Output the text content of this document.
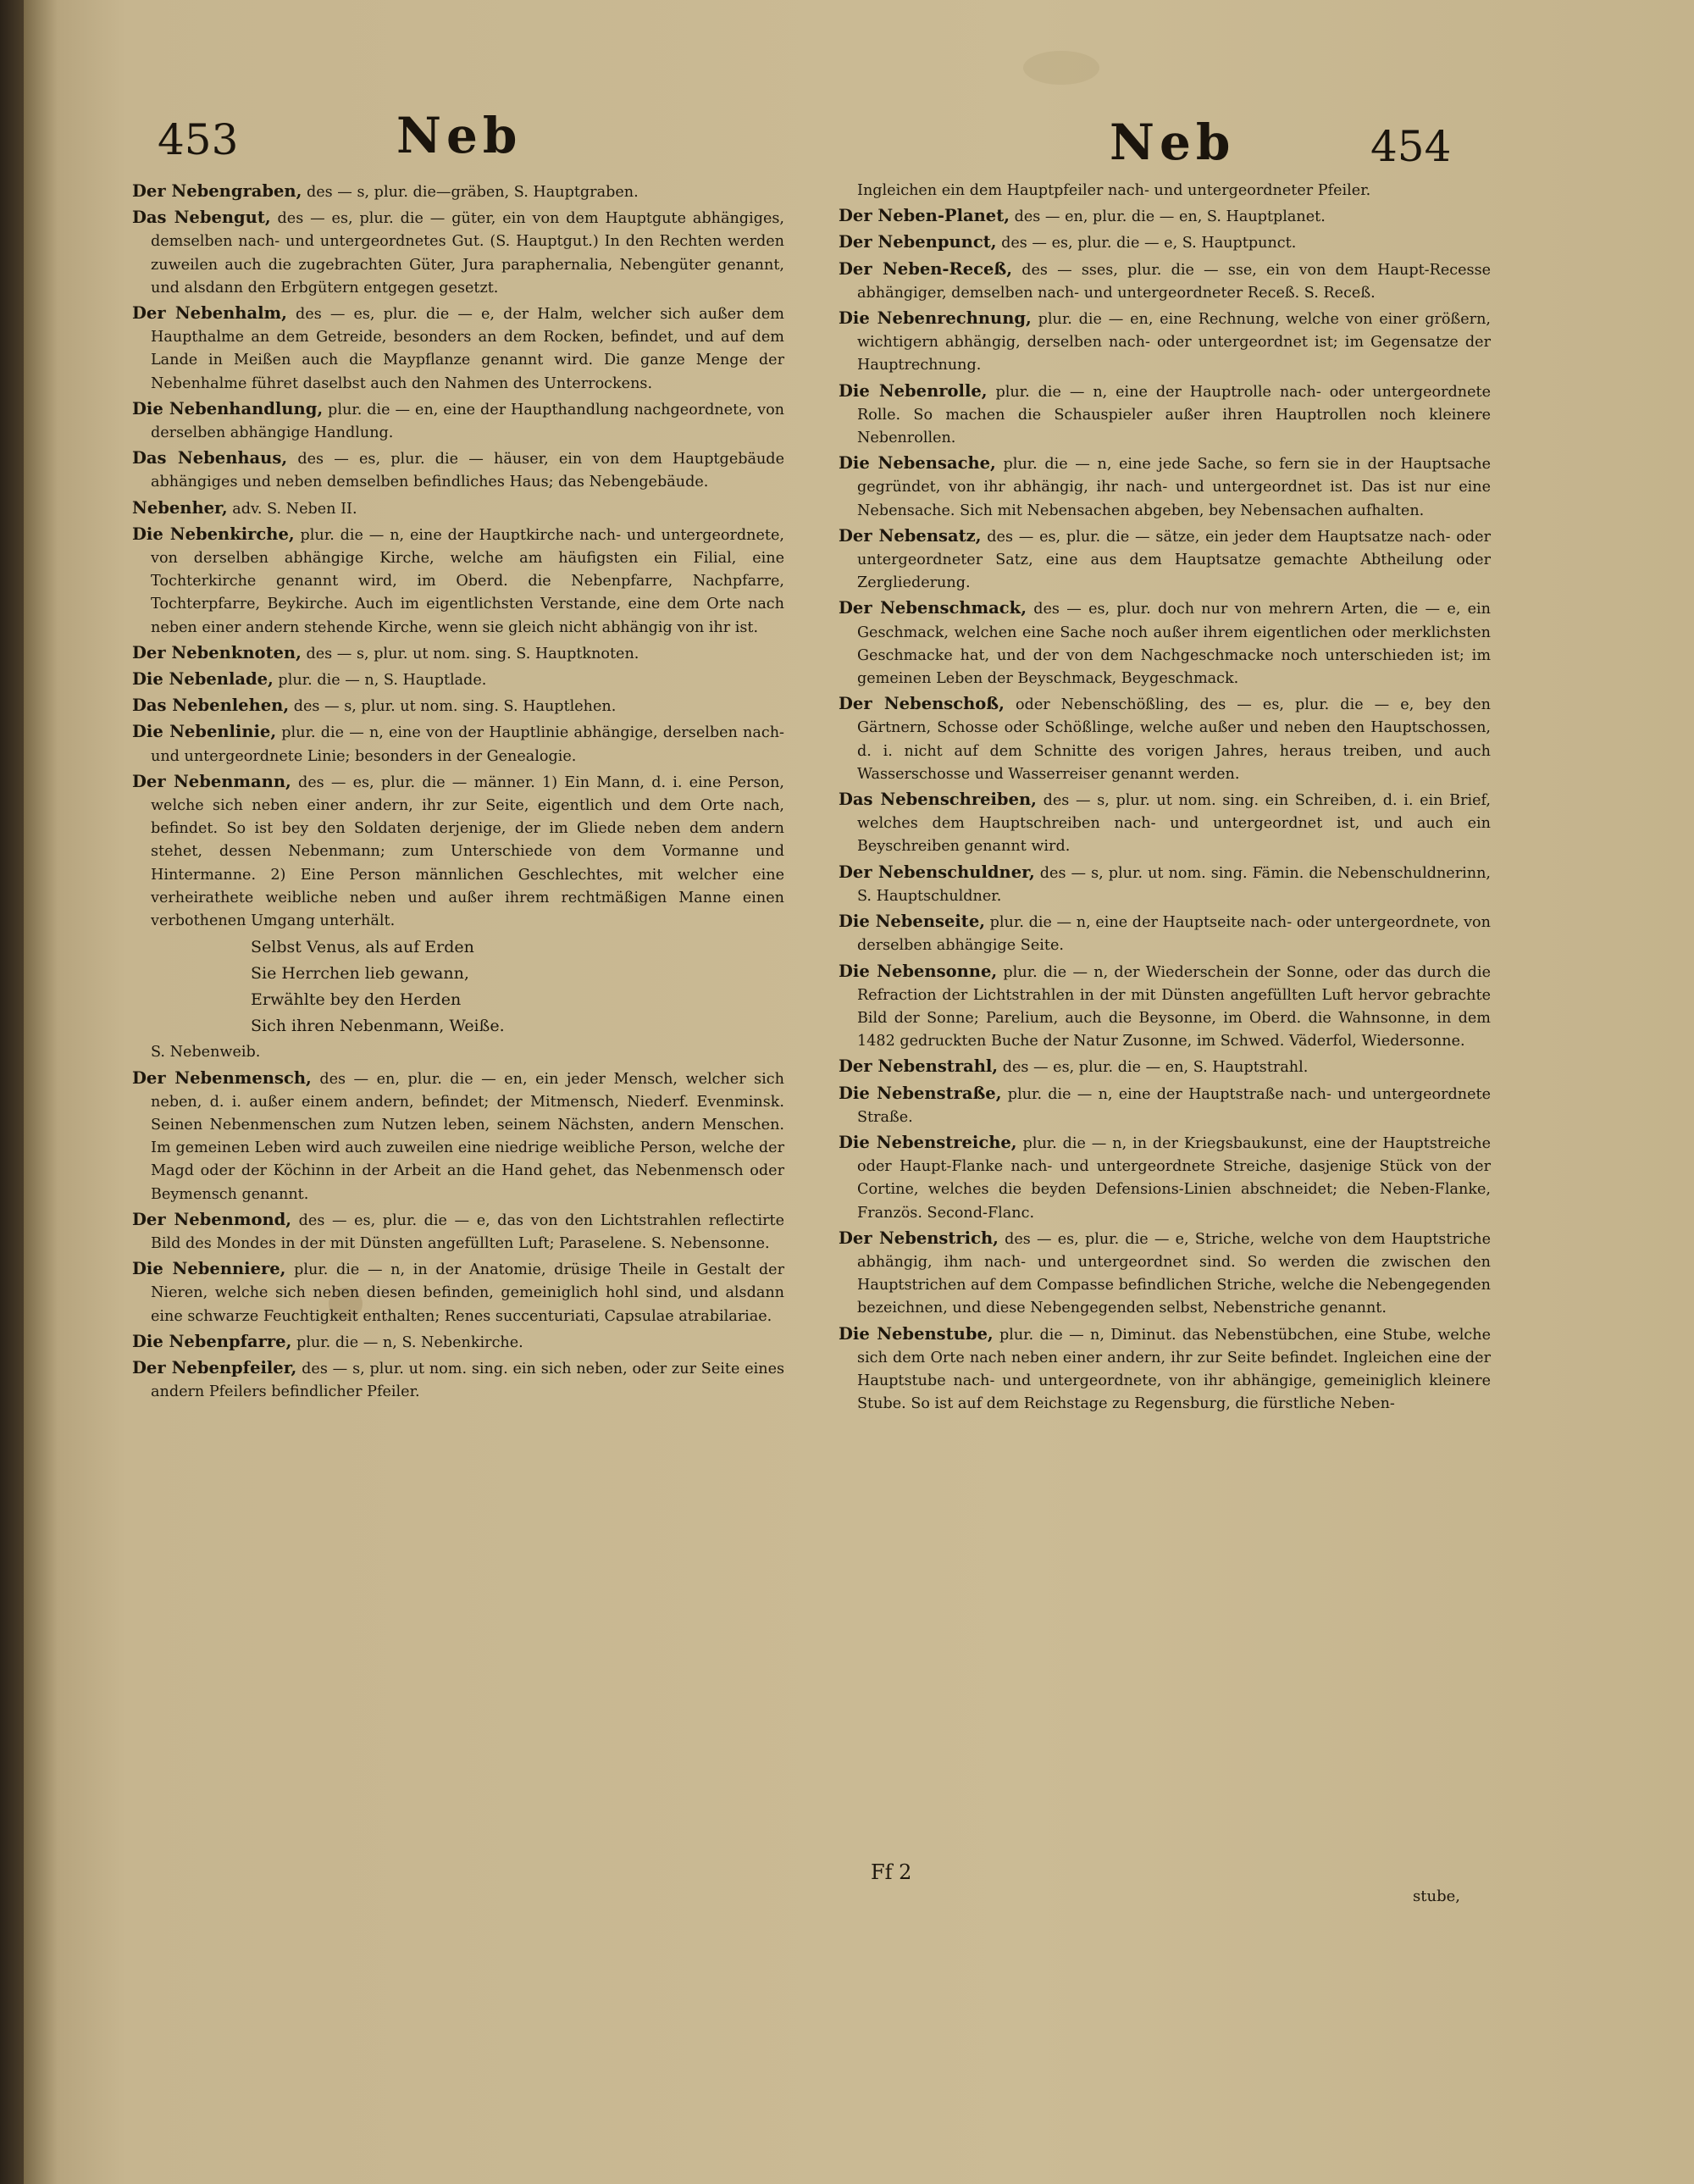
453	Neb	Neb	454
Der Nebengraben, des — s, plur. die—gräben, S. Hauptgraben.
Das Nebengut, des — es, plur. die — güter, ein von dem Hauptgute abhängiges, demselben nach- und untergeordnetes Gut. (S. Hauptgut.) In den Rechten werden zuweilen auch die zugebrachten Güter, Jura paraphernalia, Nebengüter genannt, und alsdann den Erbgütern entgegen gesetzt.
Der Nebenhalm, des — es, plur. die — e, der Halm, welcher sich außer dem Haupthalme an dem Getreide, besonders an dem Rocken, befindet, und auf dem Lande in Meißen auch die Maypflanze genannt wird. Die ganze Menge der Nebenhalme führet daselbst auch den Nahmen des Unterrockens.
Die Nebenhandlung, plur. die — en, eine der Haupthandlung nachgeordnete, von derselben abhängige Handlung.
Das Nebenhaus, des — es, plur. die — häuser, ein von dem Hauptgebäude abhängiges und neben demselben befindliches Haus; das Nebengebäude.
Nebenher, adv. S. Neben II.
Die Nebenkirche, plur. die — n, eine der Hauptkirche nach- und untergeordnete, von derselben abhängige Kirche, welche am häufigsten ein Filial, eine Tochterkirche genannt wird, im Oberd. die Nebenpfarre, Nachpfarre, Tochterpfarre, Beykirche. Auch im eigentlichsten Verstande, eine dem Orte nach neben einer andern stehende Kirche, wenn sie gleich nicht abhängig von ihr ist.
Der Nebenknoten, des — s, plur. ut nom. sing. S. Hauptknoten.
Die Nebenlade, plur. die — n, S. Hauptlade.
Das Nebenlehen, des — s, plur. ut nom. sing. S. Hauptlehen.
Die Nebenlinie, plur. die — n, eine von der Hauptlinie abhängige, derselben nach- und untergeordnete Linie; besonders in der Genealogie.
Der Nebenmann, des — es, plur. die — männer. 1) Ein Mann, d. i. eine Person, welche sich neben einer andern, ihr zur Seite, eigentlich und dem Orte nach, befindet. So ist bey den Soldaten derjenige, der im Gliede neben dem andern stehet, dessen Nebenmann; zum Unterschiede von dem Vormanne und Hintermanne. 2) Eine Person männlichen Geschlechtes, mit welcher eine verheirathete weibliche neben und außer ihrem rechtmäßigen Manne einen verbothenen Umgang unterhält.
Selbst Venus, als auf Erden
Sie Herrchen lieb gewann,
Erwählte bey den Herden
Sich ihren Nebenmann, Weiße.
S. Nebenweib.
Der Nebenmensch, des — en, plur. die — en, ein jeder Mensch, welcher sich neben, d. i. außer einem andern, befindet; der Mitmensch, Niederf. Evenminsk. Seinen Nebenmenschen zum Nutzen leben, seinem Nächsten, andern Menschen. Im gemeinen Leben wird auch zuweilen eine niedrige weibliche Person, welche der Magd oder der Köchinn in der Arbeit an die Hand gehet, das Nebenmensch oder Beymensch genannt.
Der Nebenmond, des — es, plur. die — e, das von den Lichtstrahlen reflectirte Bild des Mondes in der mit Dünsten angefüllten Luft; Paraselene. S. Nebensonne.
Die Nebenniere, plur. die — n, in der Anatomie, drüsige Theile in Gestalt der Nieren, welche sich neben diesen befinden, gemeiniglich hohl sind, und alsdann eine schwarze Feuchtigkeit enthalten; Renes succenturiati, Capsulae atrabilariae.
Die Nebenpfarre, plur. die — n, S. Nebenkirche.
Der Nebenpfeiler, des — s, plur. ut nom. sing. ein sich neben, oder zur Seite eines andern Pfeilers befindlicher Pfeiler.
Ingleichen ein dem Hauptpfeiler nach- und untergeordneter Pfeiler.
Der Neben-Planet, des — en, plur. die — en, S. Hauptplanet.
Der Nebenpunct, des — es, plur. die — e, S. Hauptpunct.
Der Neben-Receß, des — sses, plur. die — sse, ein von dem Haupt-Recesse abhängiger, demselben nach- und untergeordneter Receß. S. Receß.
Die Nebenrechnung, plur. die — en, eine Rechnung, welche von einer größern, wichtigern abhängig, derselben nach- oder untergeordnet ist; im Gegensatze der Hauptrechnung.
Die Nebenrolle, plur. die — n, eine der Hauptrolle nach- oder untergeordnete Rolle. So machen die Schauspieler außer ihren Hauptrollen noch kleinere Nebenrollen.
Die Nebensache, plur. die — n, eine jede Sache, so fern sie in der Hauptsache gegründet, von ihr abhängig, ihr nach- und untergeordnet ist. Das ist nur eine Nebensache. Sich mit Nebensachen abgeben, bey Nebensachen aufhalten.
Der Nebensatz, des — es, plur. die — sätze, ein jeder dem Hauptsatze nach- oder untergeordneter Satz, eine aus dem Hauptsatze gemachte Abtheilung oder Zergliederung.
Der Nebenschmack, des — es, plur. doch nur von mehrern Arten, die — e, ein Geschmack, welchen eine Sache noch außer ihrem eigentlichen oder merklichsten Geschmacke hat, und der von dem Nachgeschmacke noch unterschieden ist; im gemeinen Leben der Beyschmack, Beygeschmack.
Der Nebenschoß, oder Nebenschößling, des — es, plur. die — e, bey den Gärtnern, Schosse oder Schößlinge, welche außer und neben den Hauptschossen, d. i. nicht auf dem Schnitte des vorigen Jahres, heraus treiben, und auch Wasserschosse und Wasserreiser genannt werden.
Das Nebenschreiben, des — s, plur. ut nom. sing. ein Schreiben, d. i. ein Brief, welches dem Hauptschreiben nach- und untergeordnet ist, und auch ein Beyschreiben genannt wird.
Der Nebenschuldner, des — s, plur. ut nom. sing. Fämin. die Nebenschuldnerinn, S. Hauptschuldner.
Die Nebenseite, plur. die — n, eine der Hauptseite nach- oder untergeordnete, von derselben abhängige Seite.
Die Nebensonne, plur. die — n, der Wiederschein der Sonne, oder das durch die Refraction der Lichtstrahlen in der mit Dünsten angefüllten Luft hervor gebrachte Bild der Sonne; Parelium, auch die Beysonne, im Oberd. die Wahnsonne, in dem 1482 gedruckten Buche der Natur Zusonne, im Schwed. Väderfol, Wiedersonne.
Der Nebenstrahl, des — es, plur. die — en, S. Hauptstrahl.
Die Nebenstraße, plur. die — n, eine der Hauptstraße nach- und untergeordnete Straße.
Die Nebenstreiche, plur. die — n, in der Kriegsbaukunst, eine der Hauptstreiche oder Haupt-Flanke nach- und untergeordnete Streiche, dasjenige Stück von der Cortine, welches die beyden Defensions-Linien abschneidet; die Neben-Flanke, Französ. Second-Flanc.
Der Nebenstrich, des — es, plur. die — e, Striche, welche von dem Hauptstriche abhängig, ihm nach- und untergeordnet sind. So werden die zwischen den Hauptstrichen auf dem Compasse befindlichen Striche, welche die Nebengegenden bezeichnen, und diese Nebengegenden selbst, Nebenstriche genannt.
Die Nebenstube, plur. die — n, Diminut. das Nebenstübchen, eine Stube, welche sich dem Orte nach neben einer andern, ihr zur Seite befindet. Ingleichen eine der Hauptstube nach- und untergeordnete, von ihr abhängige, gemeiniglich kleinere Stube. So ist auf dem Reichstage zu Regensburg, die fürstliche Neben-
Ff 2
stube,
